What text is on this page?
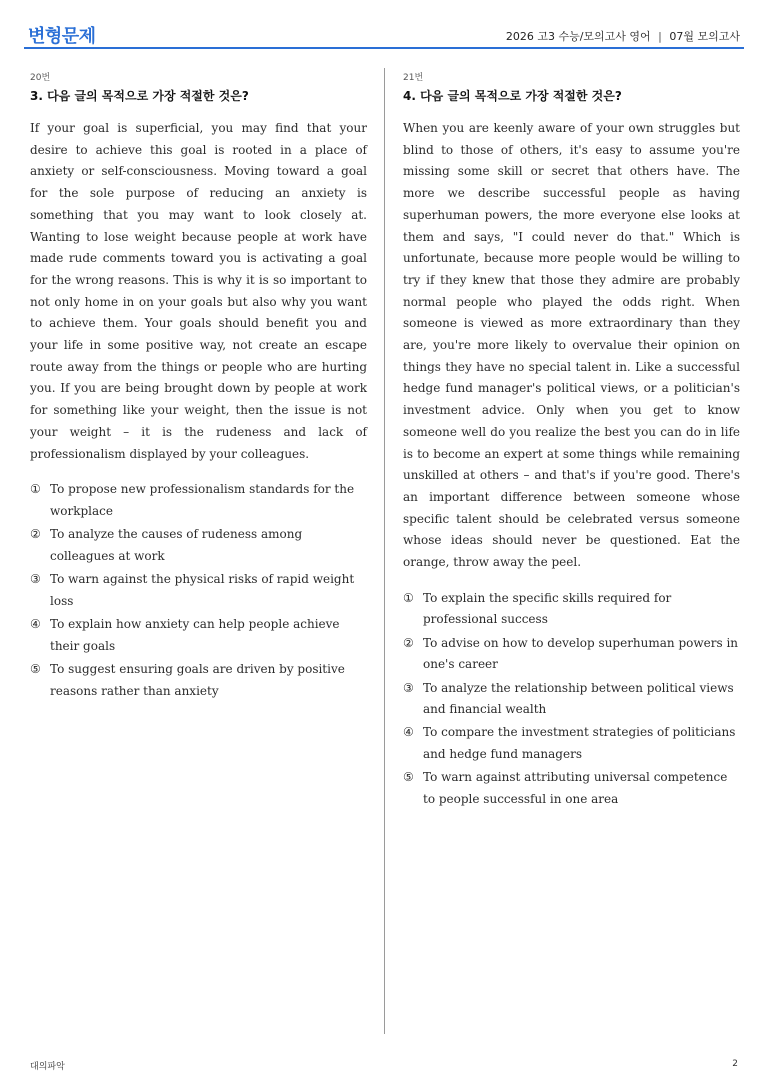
변형문제	2026 고3 수능/모의고사 영어 | 07월 모의고사
20번
3. 다음 글의 목적으로 가장 적절한 것은?

If your goal is superficial, you may find that your desire to achieve this goal is rooted in a place of anxiety or self-consciousness. Moving toward a goal for the sole purpose of reducing an anxiety is something that you may want to look closely at. Wanting to lose weight because people at work have made rude comments toward you is activating a goal for the wrong reasons. This is why it is so important to not only home in on your goals but also why you want to achieve them. Your goals should benefit you and your life in some positive way, not create an escape route away from the things or people who are hurting you. If you are being brought down by people at work for something like your weight, then the issue is not your weight – it is the rudeness and lack of professionalism displayed by your colleagues.

① To propose new professionalism standards for the workplace
② To analyze the causes of rudeness among colleagues at work
③ To warn against the physical risks of rapid weight loss
④ To explain how anxiety can help people achieve their goals
⑤ To suggest ensuring goals are driven by positive reasons rather than anxiety
21번
4. 다음 글의 목적으로 가장 적절한 것은?

When you are keenly aware of your own struggles but blind to those of others, it's easy to assume you're missing some skill or secret that others have. The more we describe successful people as having superhuman powers, the more everyone else looks at them and says, "I could never do that." Which is unfortunate, because more people would be willing to try if they knew that those they admire are probably normal people who played the odds right. When someone is viewed as more extraordinary than they are, you're more likely to overvalue their opinion on things they have no special talent in. Like a successful hedge fund manager's political views, or a politician's investment advice. Only when you get to know someone well do you realize the best you can do in life is to become an expert at some things while remaining unskilled at others – and that's if you're good. There's an important difference between someone whose specific talent should be celebrated versus someone whose ideas should never be questioned. Eat the orange, throw away the peel.

① To explain the specific skills required for professional success
② To advise on how to develop superhuman powers in one's career
③ To analyze the relationship between political views and financial wealth
④ To compare the investment strategies of politicians and hedge fund managers
⑤ To warn against attributing universal competence to people successful in one area
대의파악	2
